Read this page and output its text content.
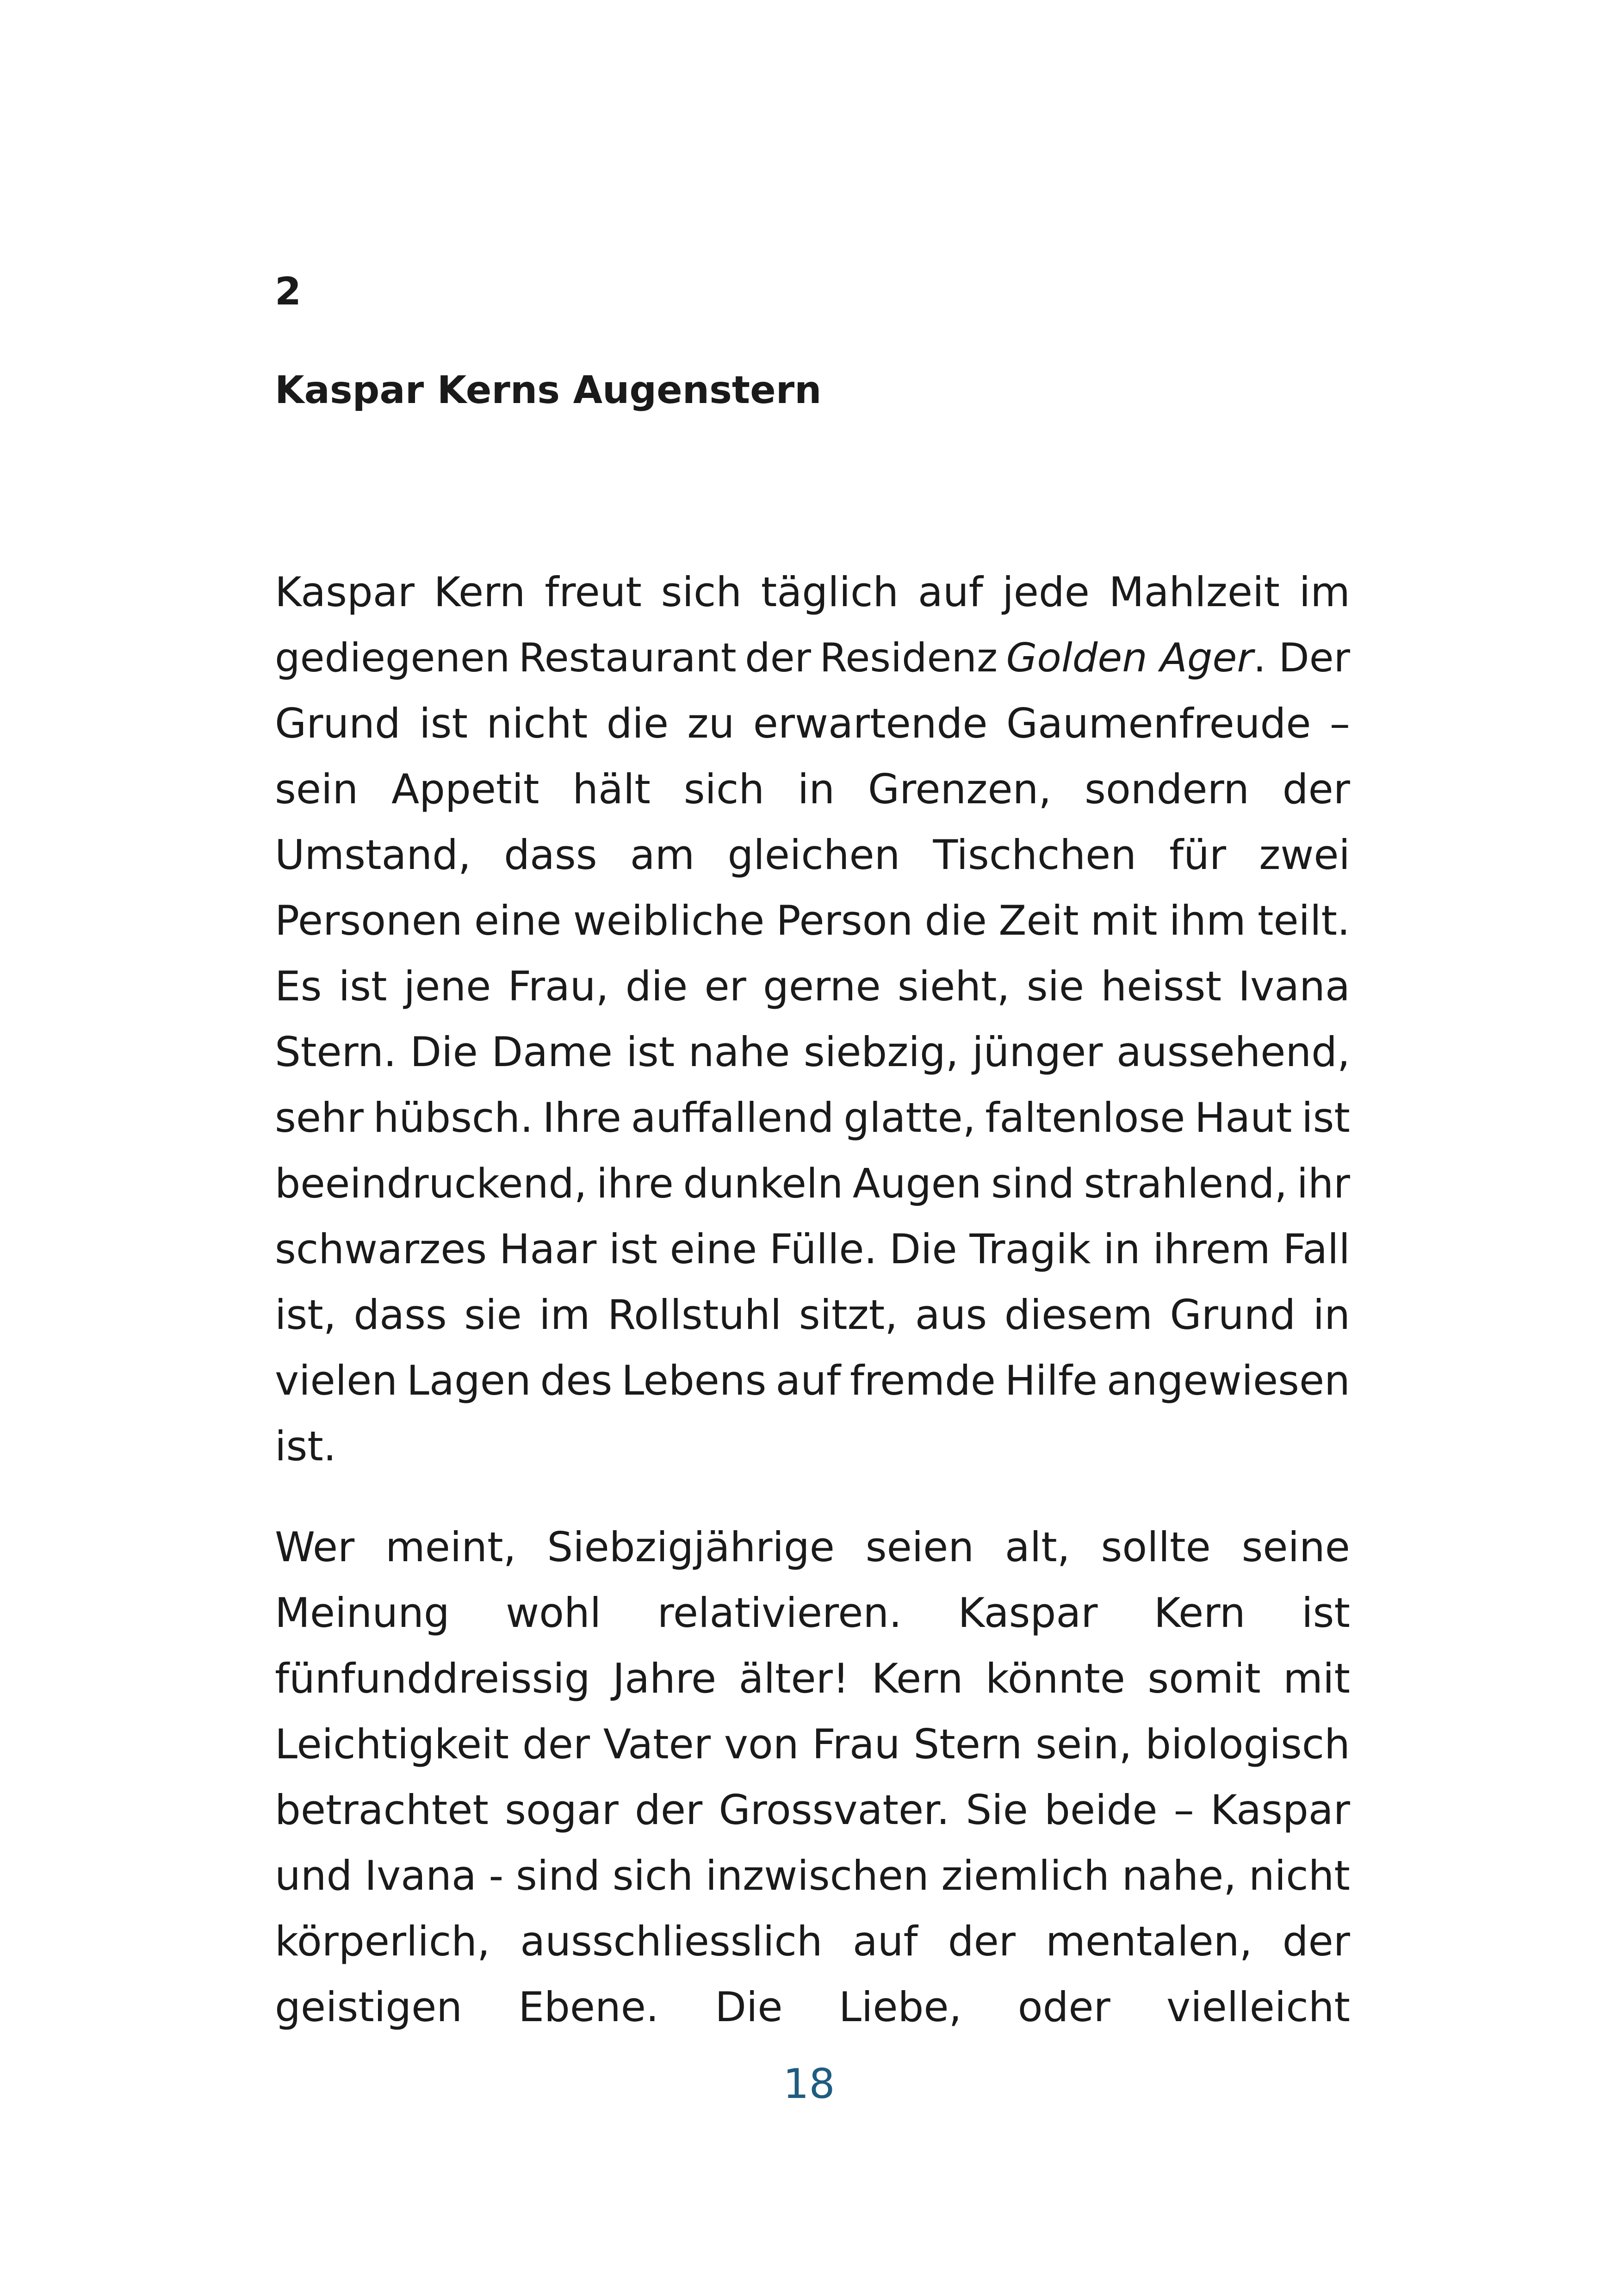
2
Kaspar Kerns Augenstern

Kaspar Kern freut sich täglich auf jede Mahlzeit im
gediegenen Restaurant der Residenz Golden Ager. Der
Grund ist nicht die zu erwartende Gaumenfreude –
sein Appetit hält sich in Grenzen, sondern der
Umstand, dass am gleichen Tischchen für zwei
Personen eine weibliche Person die Zeit mit ihm teilt.
Es ist jene Frau, die er gerne sieht, sie heisst Ivana
Stern. Die Dame ist nahe siebzig, jünger aussehend,
sehr hübsch. Ihre auffallend glatte, faltenlose Haut ist
beeindruckend, ihre dunkeln Augen sind strahlend, ihr
schwarzes Haar ist eine Fülle. Die Tragik in ihrem Fall
ist, dass sie im Rollstuhl sitzt, aus diesem Grund in
vielen Lagen des Lebens auf fremde Hilfe angewiesen
ist.

Wer meint, Siebzigjährige seien alt, sollte seine
Meinung wohl relativieren. Kaspar Kern ist
fünfunddreissig Jahre älter! Kern könnte somit mit
Leichtigkeit der Vater von Frau Stern sein, biologisch
betrachtet sogar der Grossvater. Sie beide – Kaspar
und Ivana - sind sich inzwischen ziemlich nahe, nicht
körperlich, ausschliesslich auf der mentalen, der
geistigen Ebene. Die Liebe, oder vielleicht

18
